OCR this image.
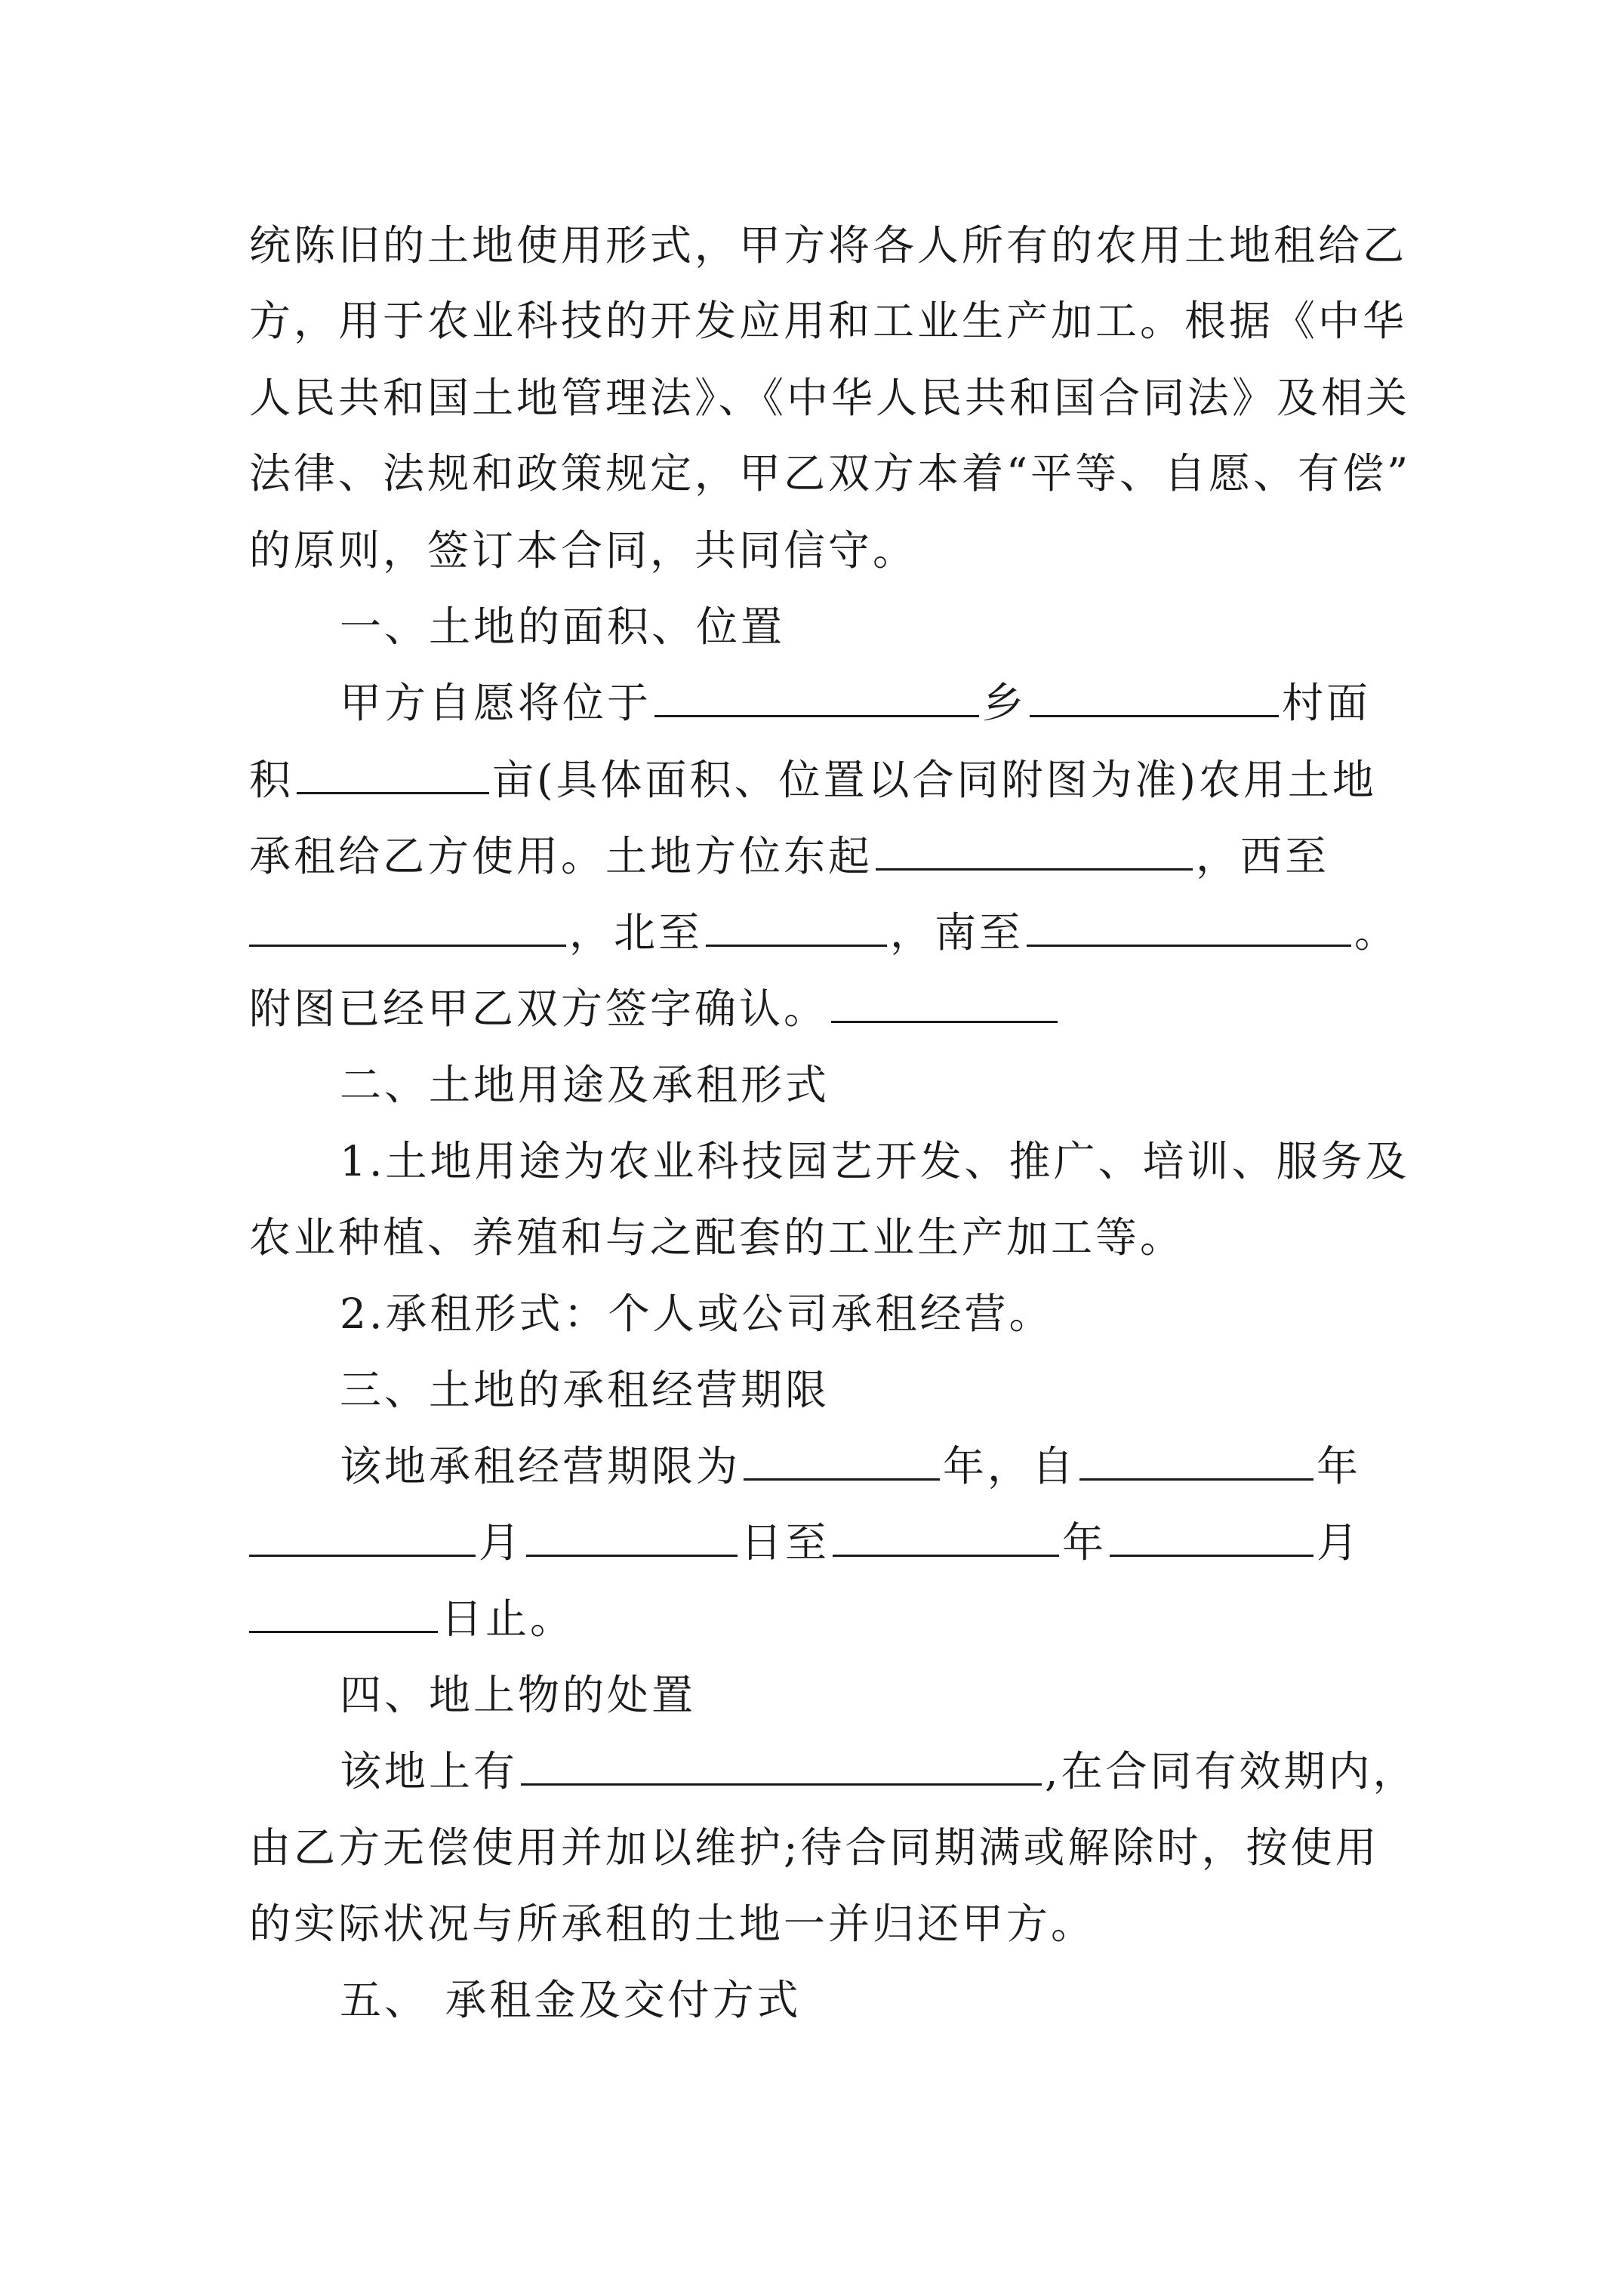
统陈旧的土地使用形式，甲方将各人所有的农用土地租给乙
方，用于农业科技的开发应用和工业生产加工。根据《中华
人民共和国土地管理法》、《中华人民共和国合同法》及相关
法律、法规和政策规定，甲乙双方本着“平等、自愿、有偿”
的原则，签订本合同，共同信守。
一、土地的面积、位置
甲方自愿将位于	乡	村面
积	亩(具体面积、位置以合同附图为准)农用土地
承租给乙方使用。土地方位东起	，西至
，北至	，南至	。
附图已经甲乙双方签字确认。
二、土地用途及承租形式
1.土地用途为农业科技园艺开发、推广、培训、服务及
农业种植、养殖和与之配套的工业生产加工等。
2.承租形式：个人或公司承租经营。
三、土地的承租经营期限
该地承租经营期限为	年，自	年
月	日至	年	月
日止。
四、地上物的处置
该地上有	,在合同有效期内，
由乙方无偿使用并加以维护;待合同期满或解除时，按使用
的实际状况与所承租的土地一并归还甲方。
五、 承租金及交付方式
